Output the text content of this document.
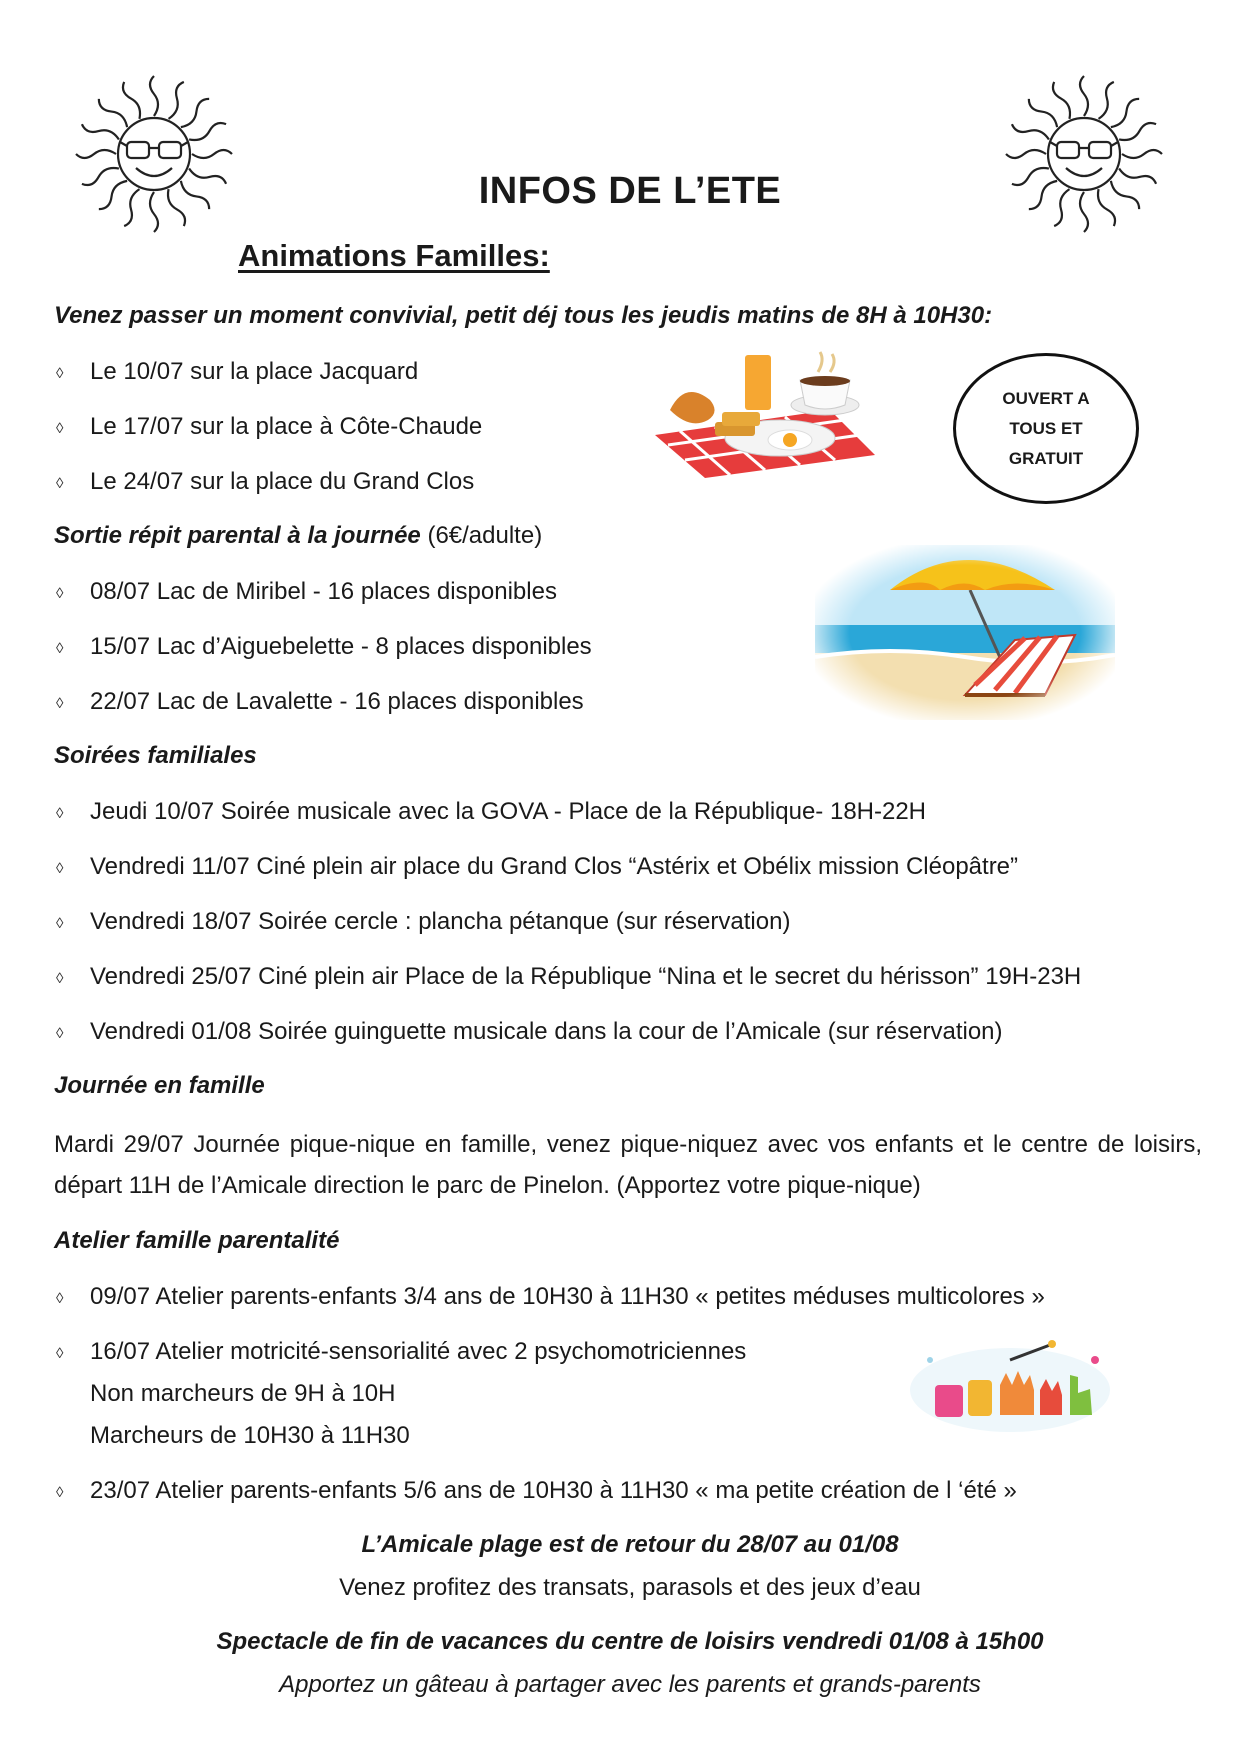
INFOS DE L’ETE
Animations Familles:
Venez passer un moment convivial, petit déj tous les jeudis matins de 8H à 10H30:
◊ Le 10/07 sur la place Jacquard
◊ Le 17/07 sur la place à Côte-Chaude
◊ Le 24/07 sur la place du Grand Clos
OUVERT A TOUS ET GRATUIT
Sortie répit parental à la journée (6€/adulte)
◊ 08/07 Lac de Miribel - 16 places disponibles
◊ 15/07 Lac d’Aiguebelette - 8 places disponibles
◊ 22/07 Lac de Lavalette - 16 places disponibles
Soirées familiales
◊ Jeudi 10/07 Soirée musicale avec la GOVA - Place de la République- 18H-22H
◊ Vendredi 11/07 Ciné plein air place du Grand Clos “Astérix et Obélix mission Cléopâtre”
◊ Vendredi 18/07 Soirée cercle : plancha pétanque (sur réservation)
◊ Vendredi 25/07 Ciné plein air Place de la République “Nina et le secret du hérisson” 19H-23H
◊ Vendredi 01/08 Soirée guinguette musicale dans la cour de l’Amicale (sur réservation)
Journée en famille
Mardi 29/07 Journée pique-nique en famille, venez pique-niquez avec vos enfants et le centre de loisirs, départ 11H de l’Amicale direction le parc de Pinelon. (Apportez votre pique-nique)
Atelier famille parentalité
◊ 09/07 Atelier parents-enfants 3/4 ans de 10H30 à 11H30 « petites méduses multicolores »
◊ 16/07 Atelier motricité-sensorialité avec 2 psychomotriciennes
Non marcheurs de 9H à 10H
Marcheurs de 10H30 à 11H30
◊ 23/07 Atelier parents-enfants 5/6 ans de 10H30 à 11H30 « ma petite création de l ‘été »
L’Amicale plage est de retour du 28/07 au 01/08
Venez profitez des transats, parasols et des jeux d’eau
Spectacle de fin de vacances du centre de loisirs vendredi 01/08 à 15h00
Apportez un gâteau à partager avec les parents et grands-parents
